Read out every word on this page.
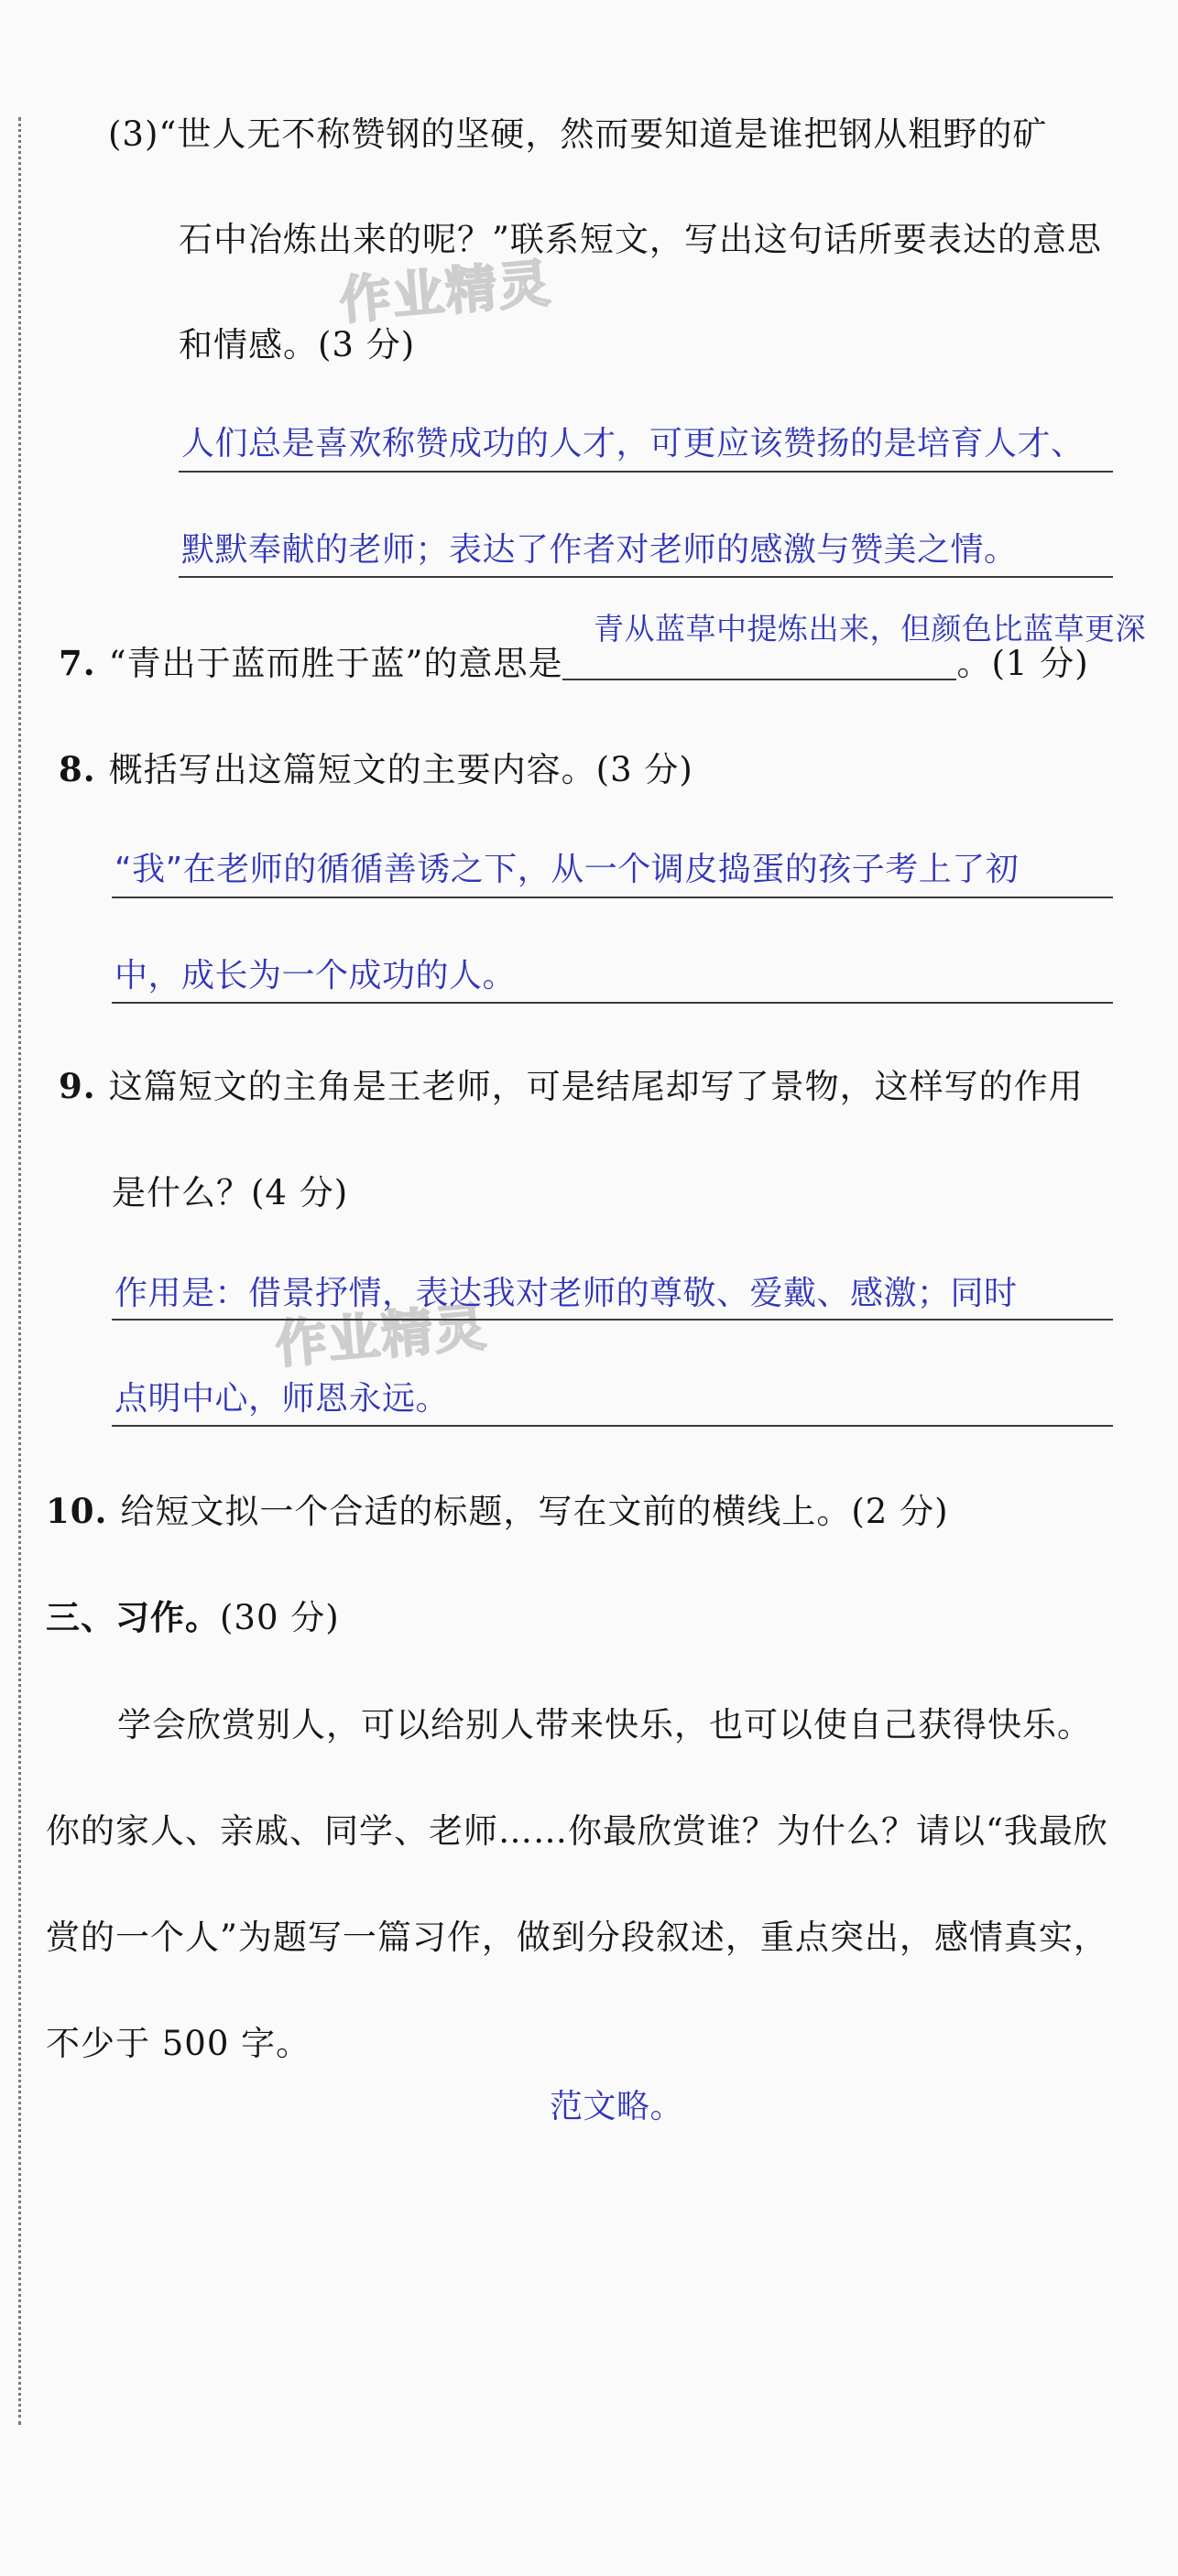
(3)“世人无不称赞钢的坚硬，然而要知道是谁把钢从粗野的矿
石中冶炼出来的呢？”联系短文，写出这句话所要表达的意思
和情感。(3 分)
作业精灵
人们总是喜欢称赞成功的人才，可更应该赞扬的是培育人才、
默默奉献的老师；表达了作者对老师的感激与赞美之情。
青从蓝草中提炼出来，但颜色比蓝草更深
7. “青出于蓝而胜于蓝”的意思是	。(1 分)
8. 概括写出这篇短文的主要内容。(3 分)
“我”在老师的循循善诱之下，从一个调皮捣蛋的孩子考上了初
中，成长为一个成功的人。
9. 这篇短文的主角是王老师，可是结尾却写了景物，这样写的作用
是什么？(4 分)
作业精灵
作用是：借景抒情，表达我对老师的尊敬、爱戴、感激；同时
点明中心，师恩永远。
10. 给短文拟一个合适的标题，写在文前的横线上。(2 分)
三、习作。(30 分)
学会欣赏别人，可以给别人带来快乐，也可以使自己获得快乐。
你的家人、亲戚、同学、老师……你最欣赏谁？为什么？请以“我最欣
赏的一个人”为题写一篇习作，做到分段叙述，重点突出，感情真实，
不少于 500 字。
范文略。
